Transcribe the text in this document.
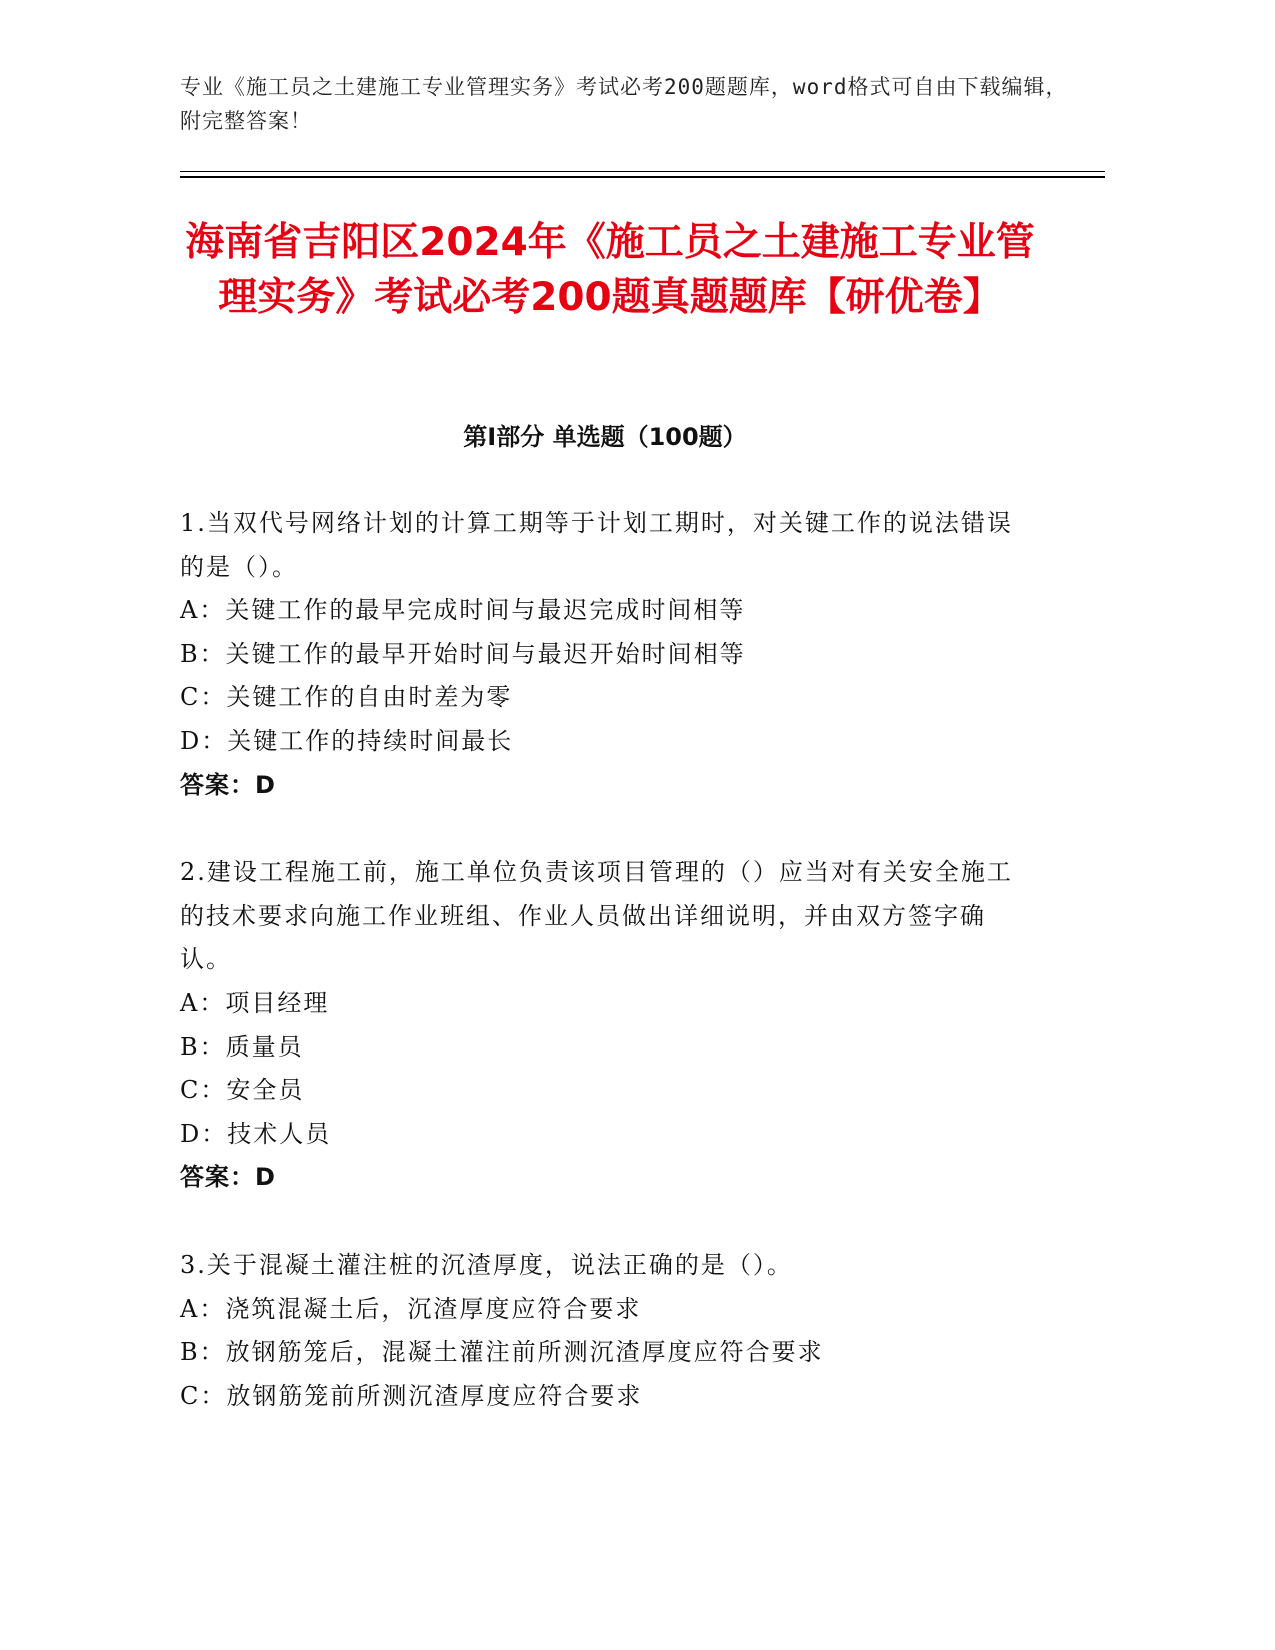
专业《施工员之土建施工专业管理实务》考试必考200题题库，word格式可自由下载编辑，附完整答案！
海南省吉阳区2024年《施工员之土建施工专业管理实务》考试必考200题真题题库【研优卷】
第I部分 单选题（100题）

1.当双代号网络计划的计算工期等于计划工期时，对关键工作的说法错误的是（）。

A：关键工作的最早完成时间与最迟完成时间相等

B：关键工作的最早开始时间与最迟开始时间相等

C：关键工作的自由时差为零

D：关键工作的持续时间最长

答案：D

2.建设工程施工前，施工单位负责该项目管理的（）应当对有关安全施工的技术要求向施工作业班组、作业人员做出详细说明，并由双方签字确认。

A：项目经理

B：质量员

C：安全员

D：技术人员

答案：D

3.关于混凝土灌注桩的沉渣厚度，说法正确的是（）。

A：浇筑混凝土后，沉渣厚度应符合要求

B：放钢筋笼后，混凝土灌注前所测沉渣厚度应符合要求

C：放钢筋笼前所测沉渣厚度应符合要求
